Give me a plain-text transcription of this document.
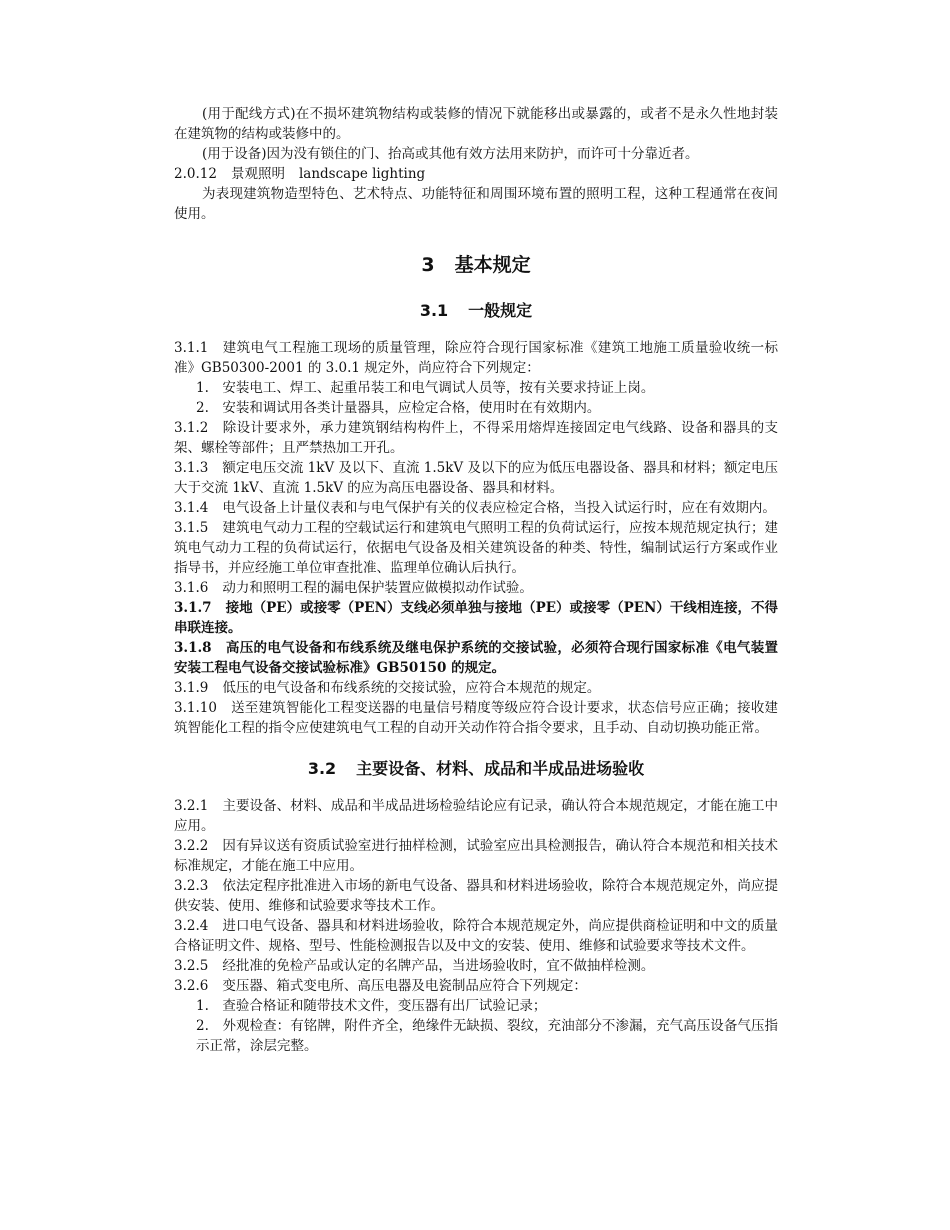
(用于配线方式)在不损坏建筑物结构或装修的情况下就能移出或暴露的，或者不是永久性地封装在建筑物的结构或装修中的。

(用于设备)因为没有锁住的门、抬高或其他有效方法用来防护，而许可十分靠近者。

2.0.12 景观照明 landscape lighting

为表现建筑物造型特色、艺术特点、功能特征和周围环境布置的照明工程，这种工程通常在夜间使用。

3 基本规定
3.1 一般规定

3.1.1 建筑电气工程施工现场的质量管理，除应符合现行国家标准《建筑工地施工质量验收统一标准》GB50300-2001 的 3.0.1 规定外，尚应符合下列规定：

1.　安装电工、焊工、起重吊装工和电气调试人员等，按有关要求持证上岗。

2.　安装和调试用各类计量器具，应检定合格，使用时在有效期内。

3.1.2 除设计要求外，承力建筑钢结构构件上，不得采用熔焊连接固定电气线路、设备和器具的支架、螺栓等部件；且严禁热加工开孔。

3.1.3 额定电压交流 1kV 及以下、直流 1.5kV 及以下的应为低压电器设备、器具和材料；额定电压大于交流 1kV、直流 1.5kV 的应为高压电器设备、器具和材料。

3.1.4 电气设备上计量仪表和与电气保护有关的仪表应检定合格，当投入试运行时，应在有效期内。

3.1.5 建筑电气动力工程的空载试运行和建筑电气照明工程的负荷试运行，应按本规范规定执行；建筑电气动力工程的负荷试运行，依据电气设备及相关建筑设备的种类、特性，编制试运行方案或作业指导书，并应经施工单位审查批准、监理单位确认后执行。

3.1.6 动力和照明工程的漏电保护装置应做模拟动作试验。

3.1.7 接地（PE）或接零（PEN）支线必须单独与接地（PE）或接零（PEN）干线相连接，不得串联连接。

3.1.8 高压的电气设备和布线系统及继电保护系统的交接试验，必须符合现行国家标准《电气装置安装工程电气设备交接试验标准》GB50150 的规定。

3.1.9 低压的电气设备和布线系统的交接试验，应符合本规范的规定。

3.1.10 送至建筑智能化工程变送器的电量信号精度等级应符合设计要求，状态信号应正确；接收建筑智能化工程的指令应使建筑电气工程的自动开关动作符合指令要求，且手动、自动切换功能正常。

3.2 主要设备、材料、成品和半成品进场验收

3.2.1 主要设备、材料、成品和半成品进场检验结论应有记录，确认符合本规范规定，才能在施工中应用。

3.2.2 因有异议送有资质试验室进行抽样检测，试验室应出具检测报告，确认符合本规范和相关技术标准规定，才能在施工中应用。

3.2.3 依法定程序批准进入市场的新电气设备、器具和材料进场验收，除符合本规范规定外，尚应提供安装、使用、维修和试验要求等技术工作。

3.2.4 进口电气设备、器具和材料进场验收，除符合本规范规定外，尚应提供商检证明和中文的质量合格证明文件、规格、型号、性能检测报告以及中文的安装、使用、维修和试验要求等技术文件。

3.2.5 经批准的免检产品或认定的名牌产品，当进场验收时，宜不做抽样检测。

3.2.6 变压器、箱式变电所、高压电器及电瓷制品应符合下列规定：

1.　查验合格证和随带技术文件，变压器有出厂试验记录；

2.　外观检查：有铭牌，附件齐全，绝缘件无缺损、裂纹，充油部分不渗漏，充气高压设备气压指示正常，涂层完整。
